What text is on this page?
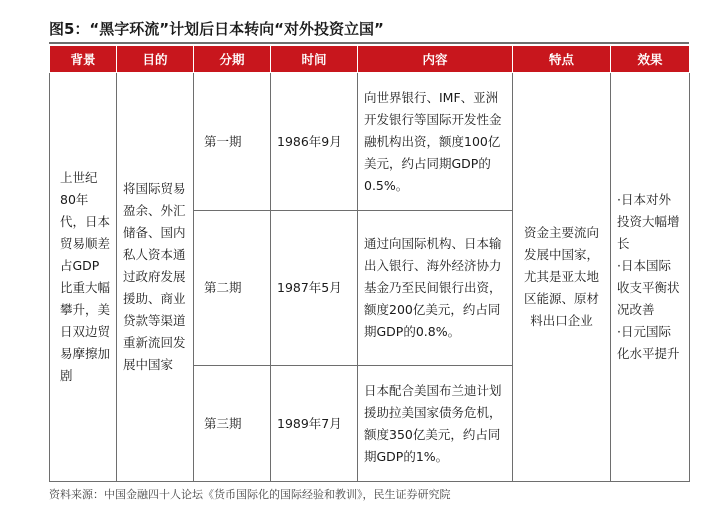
图5：“黑字环流”计划后日本转向“对外投资立国”
背景	目的	分期	时间	内容	特点	效果
上世纪80年代，日本贸易顺差占GDP比重大幅攀升，美日双边贸易摩擦加剧	将国际贸易盈余、外汇储备、国内私人资本通过政府发展援助、商业贷款等渠道重新流回发展中国家	第一期	1986年9月	向世界银行、IMF、亚洲开发银行等国际开发性金融机构出资，额度100亿美元，约占同期GDP的0.5%。	资金主要流向发展中国家，尤其是亚太地区能源、原材料出口企业	·日本对外投资大幅增长
·日本国际收支平衡状况改善
·日元国际化水平提升

		第二期	1987年5月	通过向国际机构、日本输出入银行、海外经济协力基金乃至民间银行出资，额度200亿美元，约占同期GDP的0.8%。		
		第三期	1989年7月	日本配合美国布兰迪计划援助拉美国家债务危机，额度350亿美元，约占同期GDP的1%。		
资料来源：中国金融四十人论坛《货币国际化的国际经验和教训》，民生证券研究院
